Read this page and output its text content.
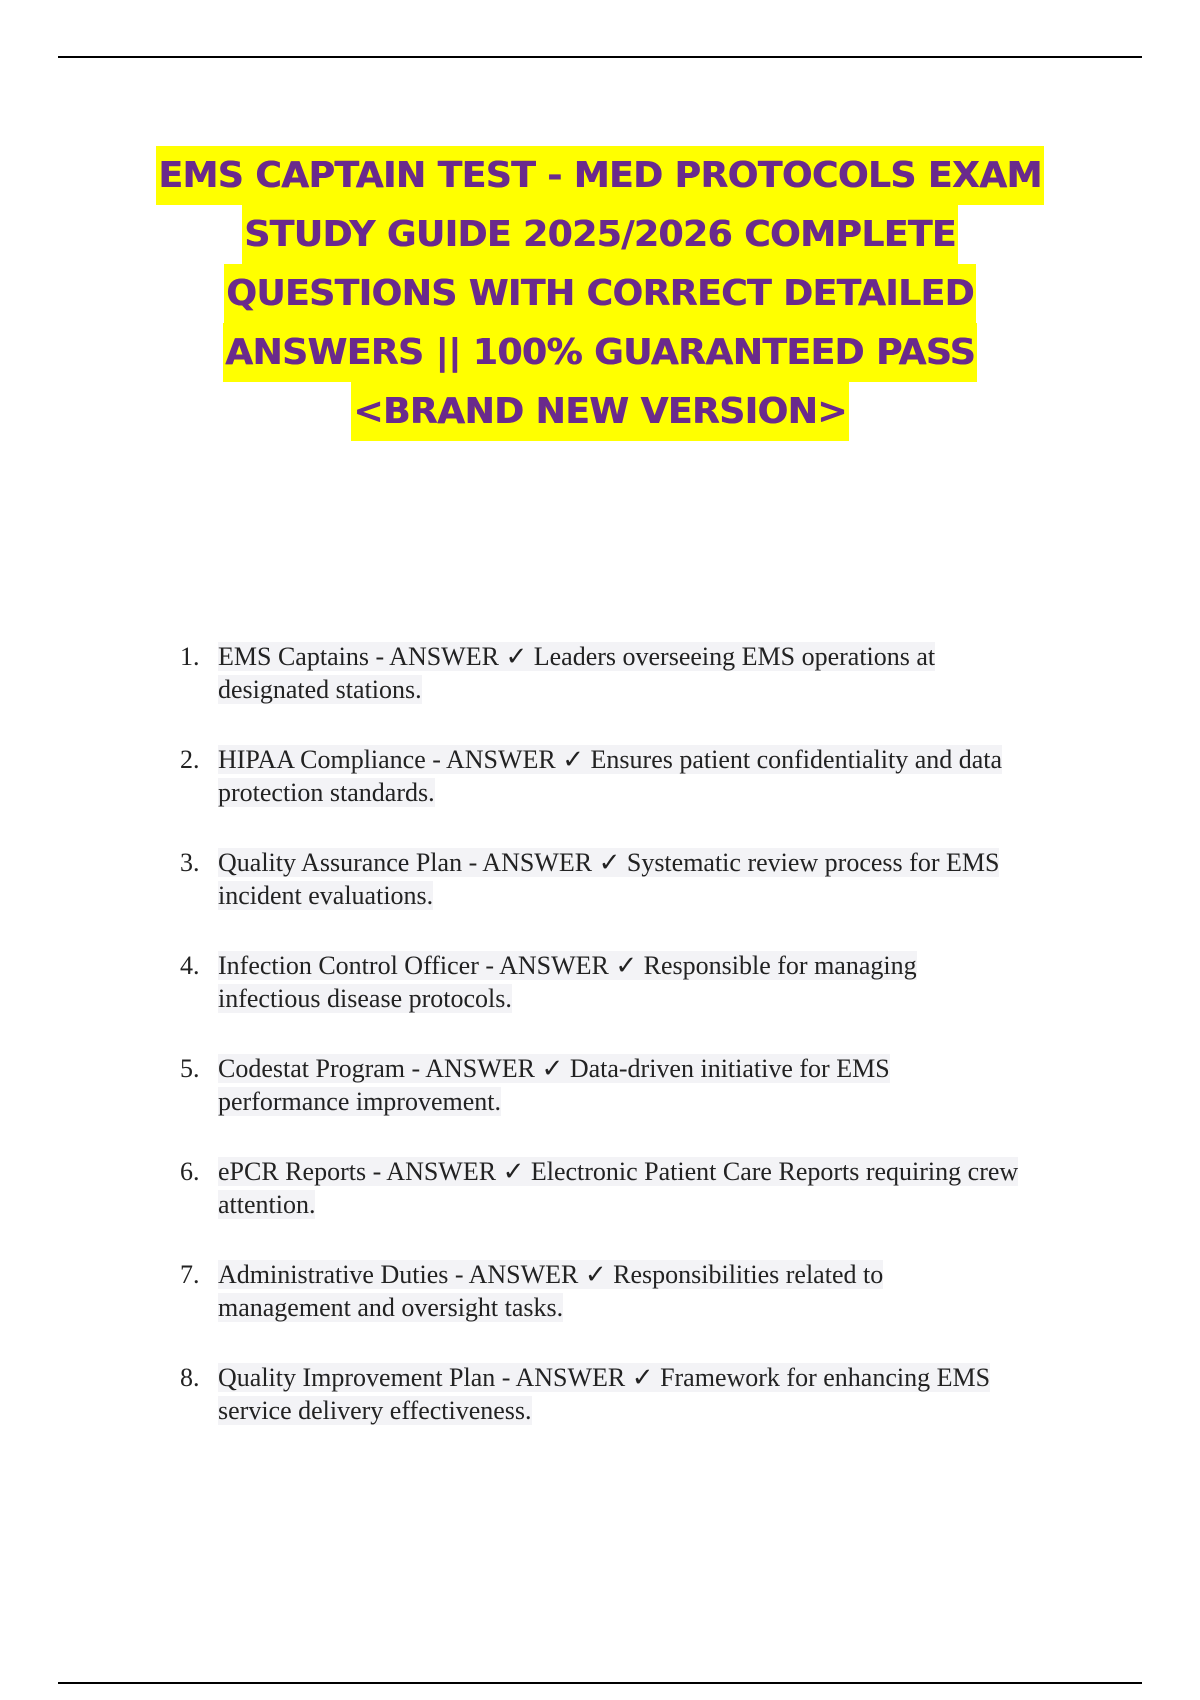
EMS CAPTAIN TEST - MED PROTOCOLS EXAM
STUDY GUIDE 2025/2026 COMPLETE
QUESTIONS WITH CORRECT DETAILED
ANSWERS || 100% GUARANTEED PASS
<BRAND NEW VERSION>
1. EMS Captains - ANSWER ✓ Leaders overseeing EMS operations at
designated stations.
2. HIPAA Compliance - ANSWER ✓ Ensures patient confidentiality and data
protection standards.
3. Quality Assurance Plan - ANSWER ✓ Systematic review process for EMS
incident evaluations.
4. Infection Control Officer - ANSWER ✓ Responsible for managing
infectious disease protocols.
5. Codestat Program - ANSWER ✓ Data-driven initiative for EMS
performance improvement.
6. ePCR Reports - ANSWER ✓ Electronic Patient Care Reports requiring crew
attention.
7. Administrative Duties - ANSWER ✓ Responsibilities related to
management and oversight tasks.
8. Quality Improvement Plan - ANSWER ✓ Framework for enhancing EMS
service delivery effectiveness.
